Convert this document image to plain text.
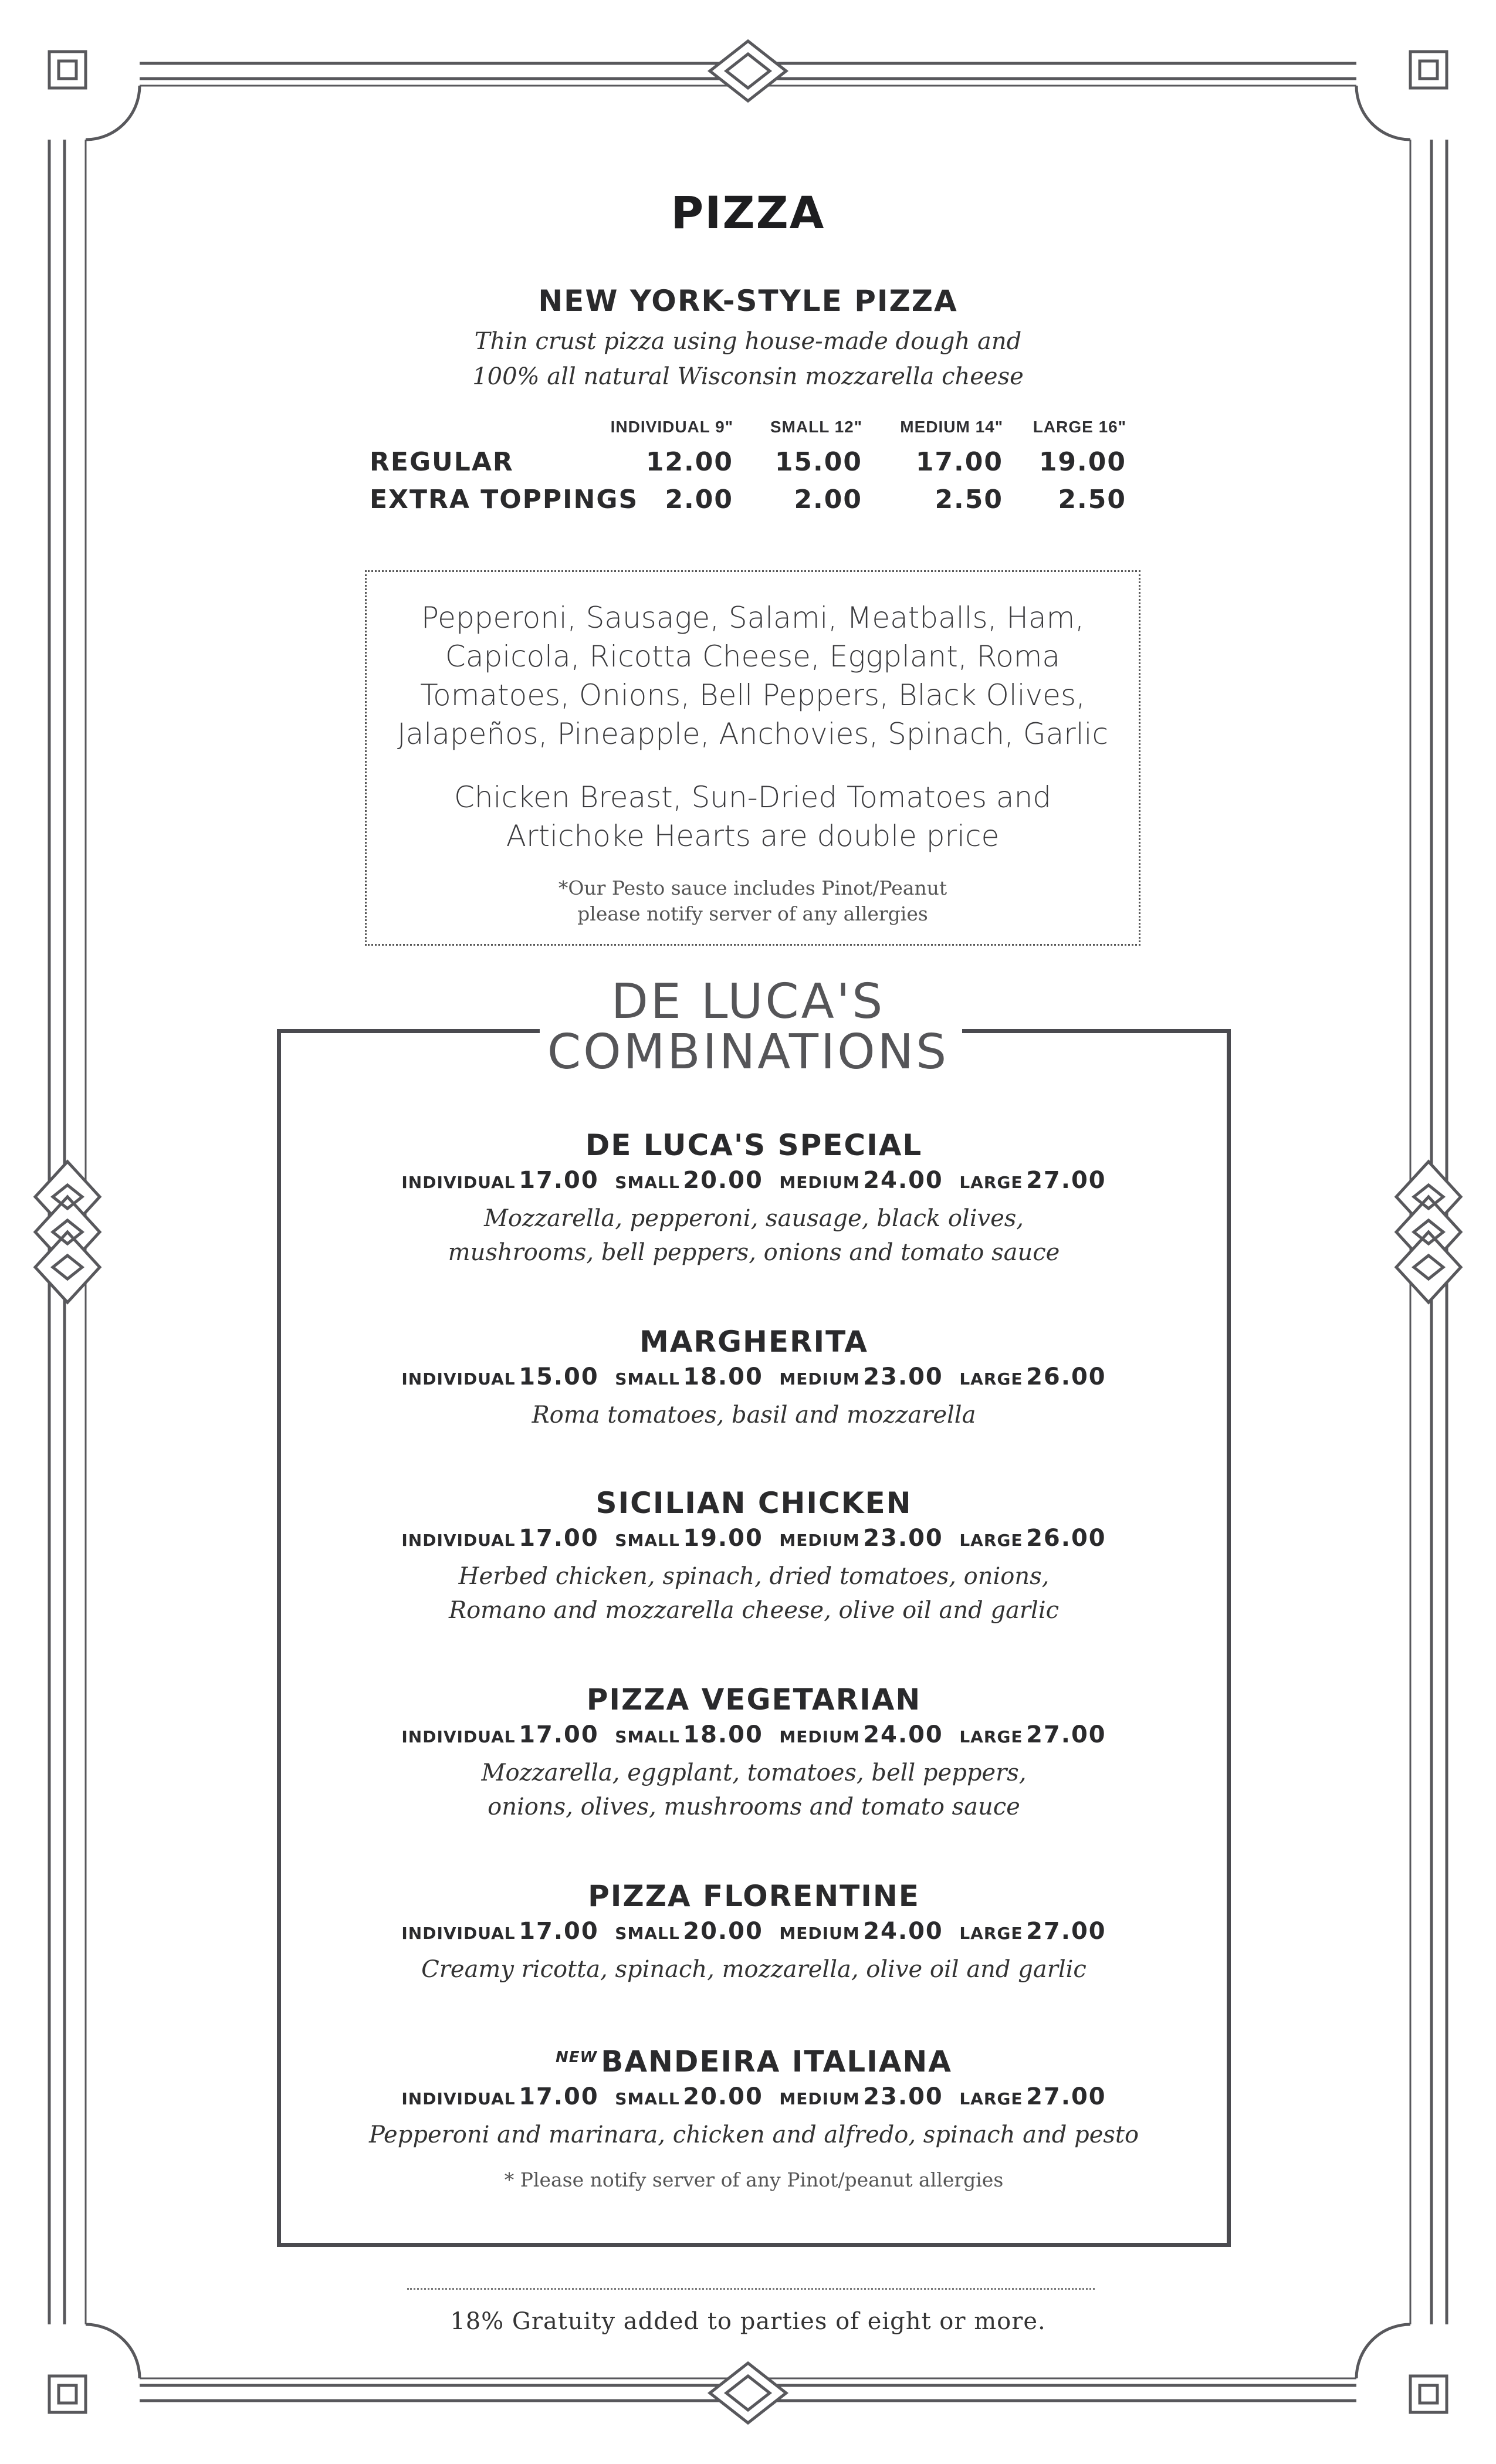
PIZZA
NEW YORK-STYLE PIZZA
Thin crust pizza using house-made dough and
100% all natural Wisconsin mozzarella cheese
INDIVIDUAL 9"	SMALL 12"	MEDIUM 14"	LARGE 16"
REGULAR	12.00	15.00	17.00	19.00
EXTRA TOPPINGS	2.00	2.00	2.50	2.50
Pepperoni, Sausage, Salami, Meatballs, Ham,
Capicola, Ricotta Cheese, Eggplant, Roma
Tomatoes, Onions, Bell Peppers, Black Olives,
Jalapeños, Pineapple, Anchovies, Spinach, Garlic
Chicken Breast, Sun-Dried Tomatoes and
Artichoke Hearts are double price
*Our Pesto sauce includes Pinot/Peanut
please notify server of any allergies
DE LUCA'S
COMBINATIONS
DE LUCA'S SPECIAL
INDIVIDUAL 17.00 SMALL 20.00 MEDIUM 24.00 LARGE 27.00
Mozzarella, pepperoni, sausage, black olives,
mushrooms, bell peppers, onions and tomato sauce
MARGHERITA
INDIVIDUAL 15.00 SMALL 18.00 MEDIUM 23.00 LARGE 26.00
Roma tomatoes, basil and mozzarella
SICILIAN CHICKEN
INDIVIDUAL 17.00 SMALL 19.00 MEDIUM 23.00 LARGE 26.00
Herbed chicken, spinach, dried tomatoes, onions,
Romano and mozzarella cheese, olive oil and garlic
PIZZA VEGETARIAN
INDIVIDUAL 17.00 SMALL 18.00 MEDIUM 24.00 LARGE 27.00
Mozzarella, eggplant, tomatoes, bell peppers,
onions, olives, mushrooms and tomato sauce
PIZZA FLORENTINE
INDIVIDUAL 17.00 SMALL 20.00 MEDIUM 24.00 LARGE 27.00
Creamy ricotta, spinach, mozzarella, olive oil and garlic
$^{NEW}$ BANDEIRA ITALIANA
INDIVIDUAL 17.00 SMALL 20.00 MEDIUM 23.00 LARGE 27.00
Pepperoni and marinara, chicken and alfredo, spinach and pesto
* Please notify server of any Pinot/peanut allergies
18% Gratuity added to parties of eight or more.
